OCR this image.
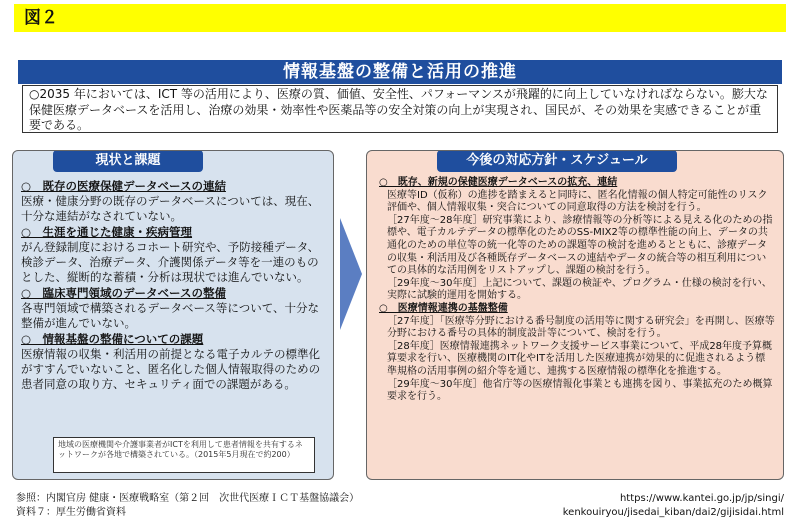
図２
情報基盤の整備と活用の推進
○2035 年においては、ICT 等の活用により、医療の質、価値、安全性、パフォーマンスが飛躍的に向上していなければならない。膨大な保健医療データベースを活用し、治療の効果・効率性や医薬品等の安全対策の向上が実現され、国民が、その効果を実感できることが重要である。
現状と課題
○　既存の医療保健データベースの連結
医療・健康分野の既存のデータベースについては、現在、十分な連結がなされていない。
○　生涯を通じた健康・疾病管理
がん登録制度におけるコホート研究や、予防接種データ、検診データ、治療データ、介護関係データ等を一連のものとした、縦断的な蓄積・分析は現状では進んでいない。
○　臨床専門領域のデータベースの整備
各専門領域で構築されるデータベース等について、十分な整備が進んでいない。
○　情報基盤の整備についての課題
医療情報の収集・利活用の前提となる電子カルテの標準化がすすんでいないこと、匿名化した個人情報取得のための患者同意の取り方、セキュリティ面での課題がある。
地域の医療機関や介護事業者がICTを利用して患者情報を共有するネットワークが各地で構築されている。（2015年5月現在で約200）
今後の対応方針・スケジュール
○　既存、新規の保健医療データベースの拡充、連結
医療等ID（仮称）の進捗を踏まえると同時に、匿名化情報の個人特定可能性のリスク評価や、個人情報収集・突合についての同意取得の方法を検討を行う。
［27年度～28年度］研究事業により、診療情報等の分析等による見える化のための指標や、電子カルテデータの標準化のためのSS-MIX2等の標準性能の向上、データの共通化のための単位等の統一化等のための課題等の検討を進めるとともに、診療データの収集・利活用及び各種既存データベースの連結やデータの統合等の相互利用についての具体的な活用例をリストアップし、課題の検討を行う。
［29年度～30年度］上記について、課題の検証や、プログラム・仕様の検討を行い、実際に試験的運用を開始する。
○　医療情報連携の基盤整備
［27年度］「医療等分野における番号制度の活用等に関する研究会」を再開し、医療等分野における番号の具体的制度設計等について、検討を行う。
［28年度］医療情報連携ネットワーク支援サービス事業について、平成28年度予算概算要求を行い、医療機関のIT化やITを活用した医療連携が効果的に促進されるよう標準規格の活用事例の紹介等を通じ、連携する医療情報の標準化を推進する。
［29年度～30年度］他省庁等の医療情報化事業とも連携を図り、事業拡充のため概算要求を行う。
参照：内閣官房 健康・医療戦略室（第２回　次世代医療ＩＣＴ基盤協議会）
資料７：厚生労働省資料
https://www.kantei.go.jp/jp/singi/
kenkouiryou/jisedai_kiban/dai2/gijisidai.html
